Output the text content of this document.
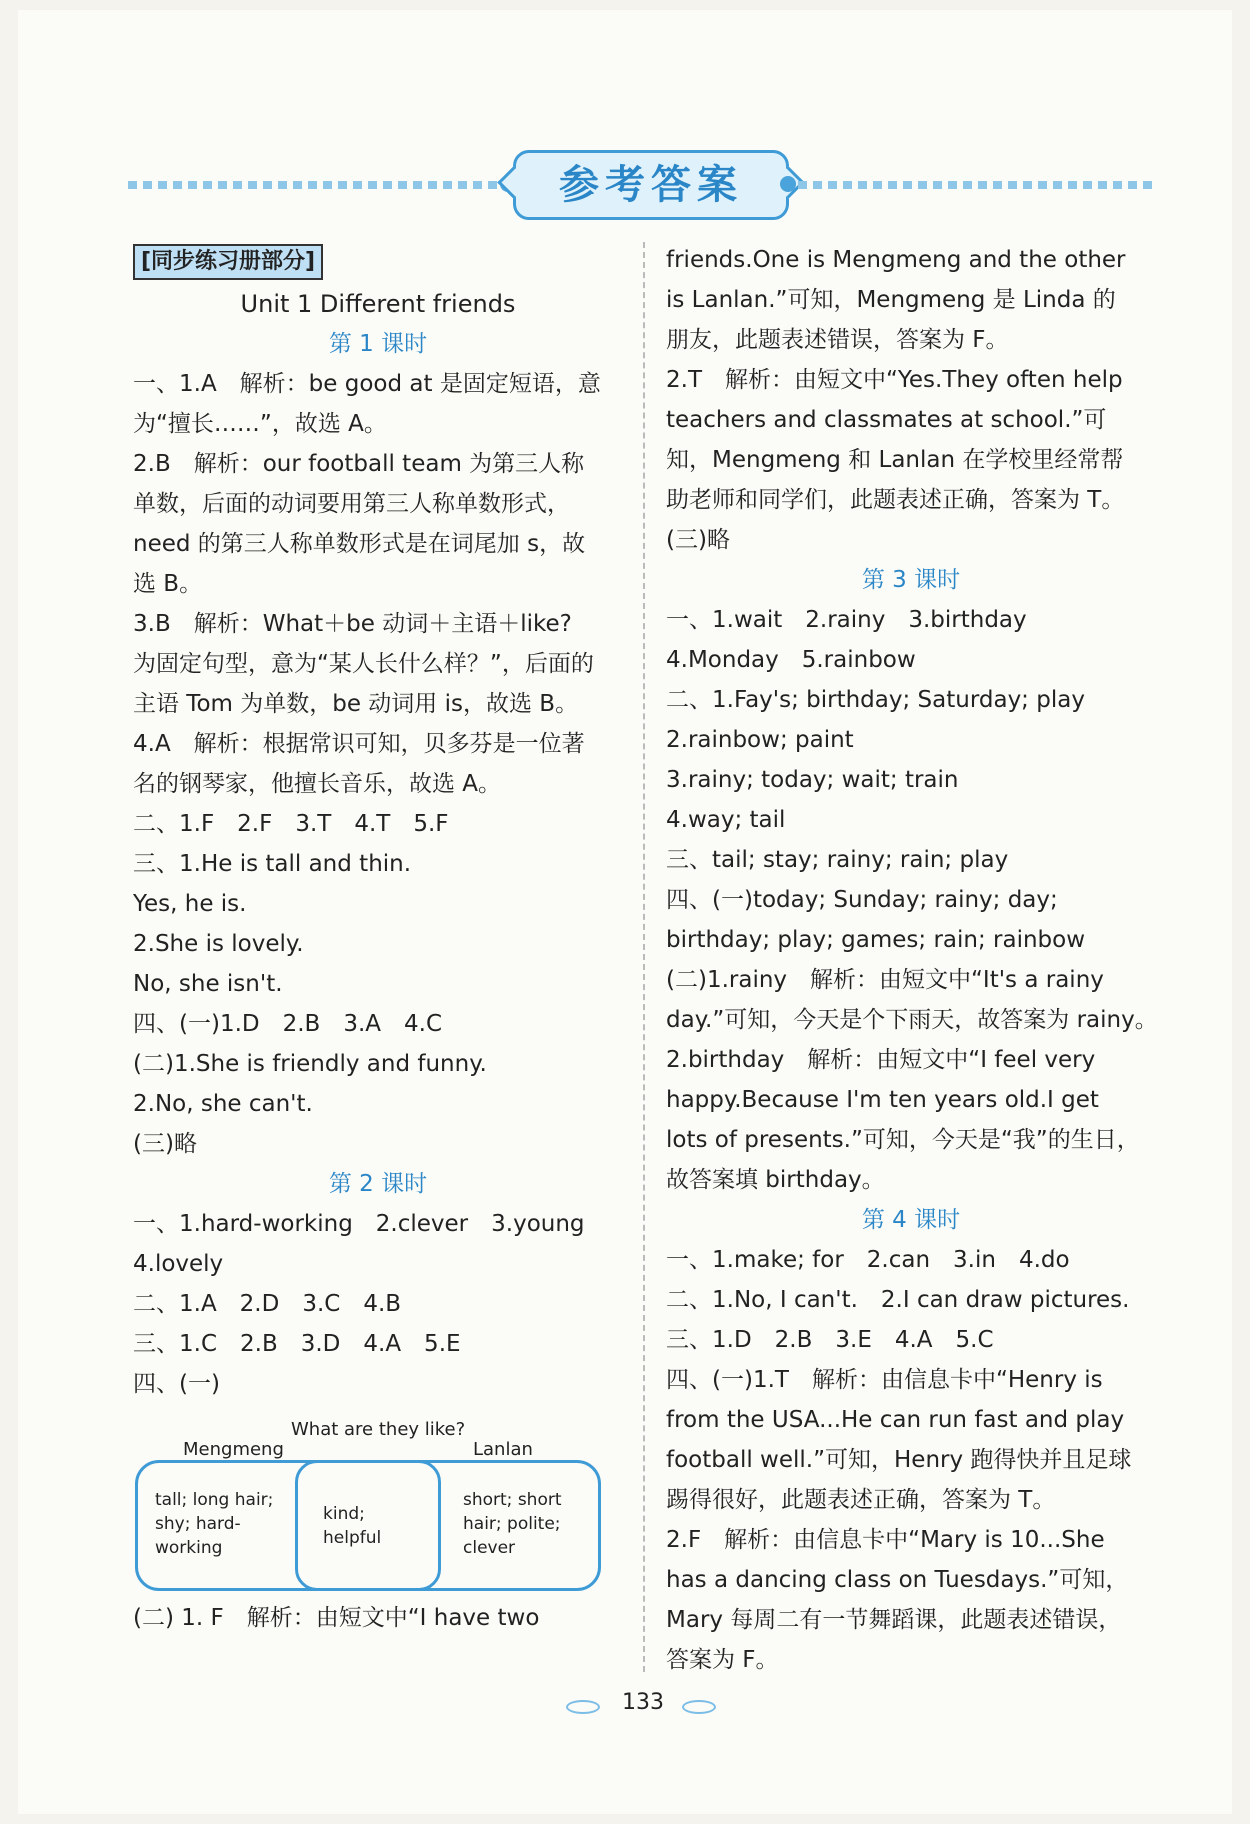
参考答案
[同步练习册部分]
Unit 1 Different friends
第 1 课时
一、1.A　解析：be good at 是固定短语，意
为“擅长……”，故选 A。
2.B　解析：our football team 为第三人称
单数，后面的动词要用第三人称单数形式，
need 的第三人称单数形式是在词尾加 s，故
选 B。
3.B　解析：What＋be 动词＋主语＋like?
为固定句型，意为“某人长什么样？”，后面的
主语 Tom 为单数，be 动词用 is，故选 B。
4.A　解析：根据常识可知，贝多芬是一位著
名的钢琴家，他擅长音乐，故选 A。
二、1.F　2.F　3.T　4.T　5.F
三、1.He is tall and thin.
Yes, he is.
2.She is lovely.
No, she isn't.
四、(一)1.D　2.B　3.A　4.C
(二)1.She is friendly and funny.
2.No, she can't.
(三)略
第 2 课时
一、1.hard-working　2.clever　3.young
4.lovely
二、1.A　2.D　3.C　4.B
三、1.C　2.B　3.D　4.A　5.E
四、(一)
What are they like?
Mengmeng	Lanlan
tall; long hair; shy; hard-working
kind; helpful
short; short hair; polite; clever
(二) 1. F　解析：由短文中“I have two
friends.One is Mengmeng and the other
is Lanlan.”可知，Mengmeng 是 Linda 的
朋友，此题表述错误，答案为 F。
2.T　解析：由短文中“Yes.They often help
teachers and classmates at school.”可
知，Mengmeng 和 Lanlan 在学校里经常帮
助老师和同学们，此题表述正确，答案为 T。
(三)略
第 3 课时
一、1.wait　2.rainy　3.birthday
4.Monday　5.rainbow
二、1.Fay's; birthday; Saturday; play
2.rainbow; paint
3.rainy; today; wait; train
4.way; tail
三、tail; stay; rainy; rain; play
四、(一)today; Sunday; rainy; day;
birthday; play; games; rain; rainbow
(二)1.rainy　解析：由短文中“It's a rainy
day.”可知，今天是个下雨天，故答案为 rainy。
2.birthday　解析：由短文中“I feel very
happy.Because I'm ten years old.I get
lots of presents.”可知，今天是“我”的生日，
故答案填 birthday。
第 4 课时
一、1.make; for　2.can　3.in　4.do
二、1.No, I can't.　2.I can draw pictures.
三、1.D　2.B　3.E　4.A　5.C
四、(一)1.T　解析：由信息卡中“Henry is
from the USA...He can run fast and play
football well.”可知，Henry 跑得快并且足球
踢得很好，此题表述正确，答案为 T。
2.F　解析：由信息卡中“Mary is 10...She
has a dancing class on Tuesdays.”可知，
Mary 每周二有一节舞蹈课，此题表述错误，
答案为 F。
133
